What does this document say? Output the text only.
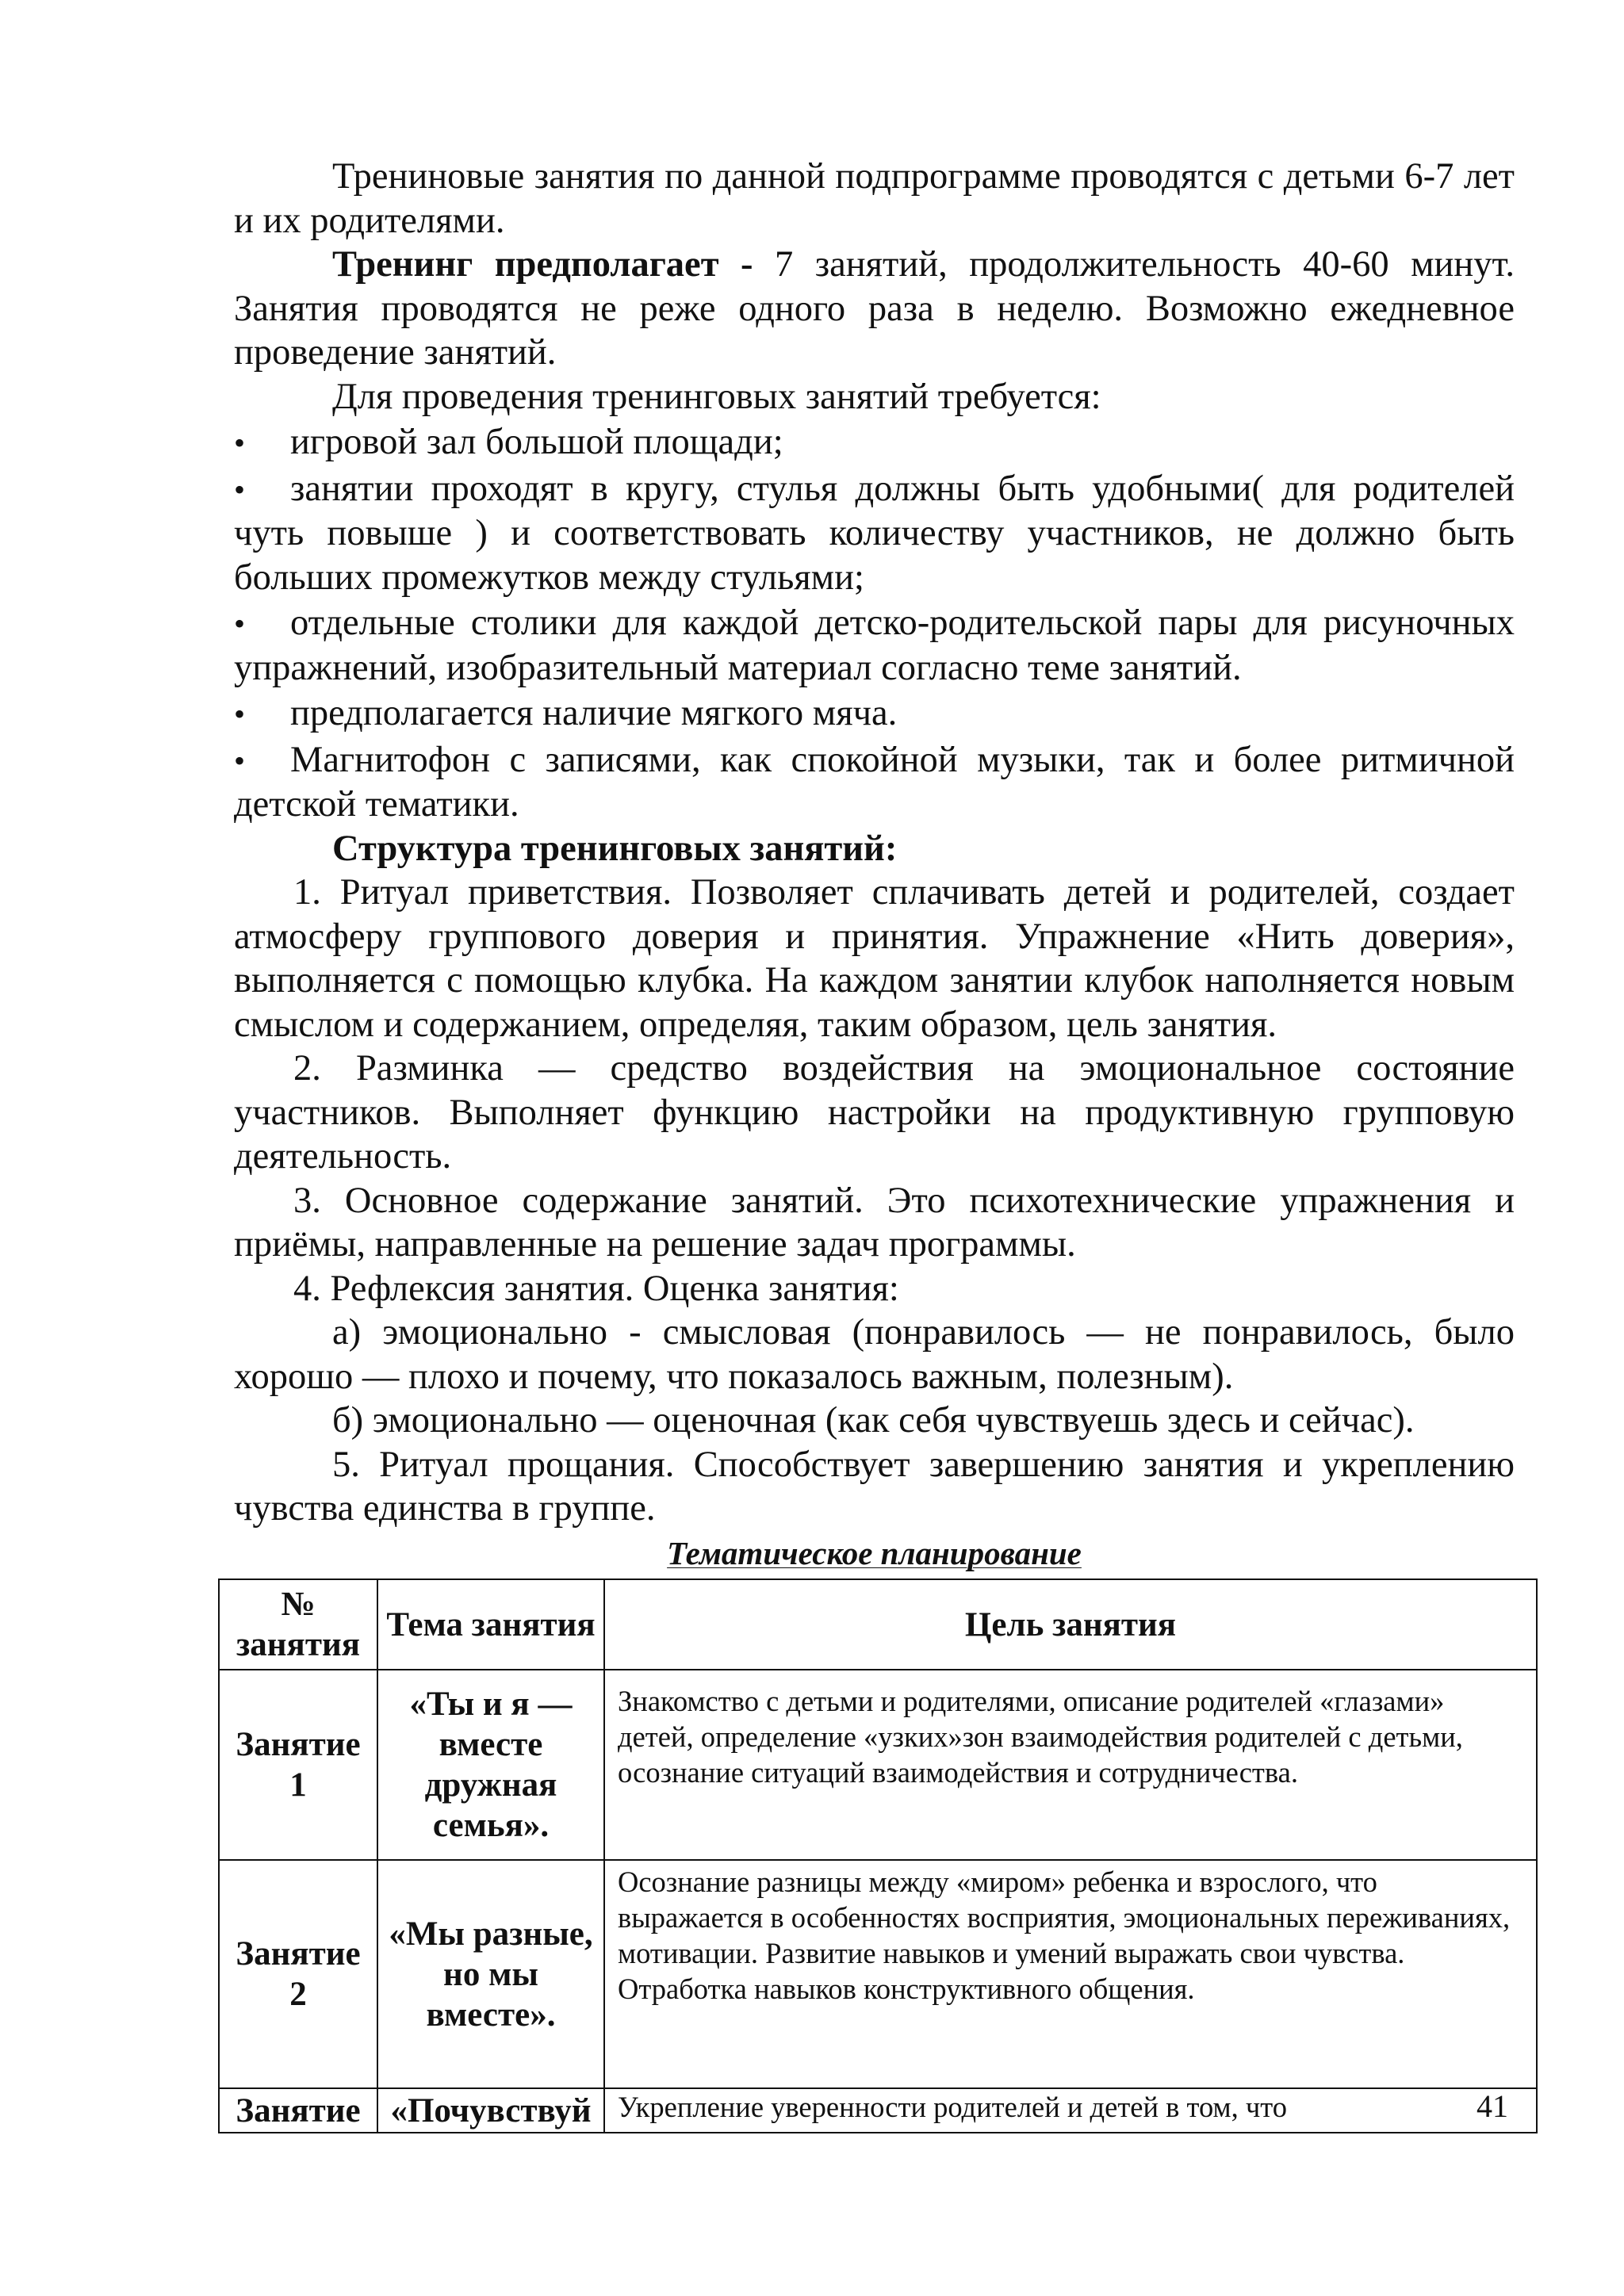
Трениновые занятия по данной подпрограмме проводятся с детьми 6-7 лет и их родителями.

Тренинг предполагает - 7 занятий, продолжительность 40-60 минут. Занятия проводятся не реже одного раза в неделю. Возможно ежедневное проведение занятий.

Для проведения тренинговых занятий требуется:

• игровой зал большой площади;

• занятии проходят в кругу, стулья должны быть удобными( для родителей чуть повыше ) и соответствовать количеству участников, не должно быть больших промежутков между стульями;

• отдельные столики для каждой детско-родительской пары для рисуночных упражнений, изобразительный материал согласно теме занятий.

• предполагается наличие мягкого мяча.

• Магнитофон с записями, как спокойной музыки, так и более ритмичной детской тематики.

Структура тренинговых занятий:

1. Ритуал приветствия. Позволяет сплачивать детей и родителей, создает атмосферу группового доверия и принятия. Упражнение «Нить доверия», выполняется с помощью клубка. На каждом занятии клубок наполняется новым смыслом и содержанием, определяя, таким образом, цель занятия.

2. Разминка — средство воздействия на эмоциональное состояние участников. Выполняет функцию настройки на продуктивную групповую деятельность.

3. Основное содержание занятий. Это психотехнические упражнения и приёмы, направленные на решение задач программы.

4. Рефлексия занятия. Оценка занятия:

а) эмоционально - смысловая (понравилось — не понравилось, было хорошо — плохо и почему, что показалось важным, полезным).

б) эмоционально — оценочная (как себя чувствуешь здесь и сейчас).

5. Ритуал прощания. Способствует завершению занятия и укреплению чувства единства в группе.

Тематическое планирование

№ занятия	Тема занятия	Цель занятия
Занятие 1	«Ты и я — вместе дружная семья».	Знакомство с детьми и родителями, описание родителей «глазами» детей, определение «узких»зон взаимодействия родителей с детьми, осознание ситуаций взаимодействия и сотрудничества.
Занятие 2	«Мы разные, но мы вместе».	Осознание разницы между «миром» ребенка и взрослого, что выражается в особенностях восприятия, эмоциональных переживаниях, мотивации. Развитие навыков и умений выражать свои чувства. Отработка навыков конструктивного общения.
Занятие	«Почувствуй	Укрепление уверенности родителей и детей в том, что	41
